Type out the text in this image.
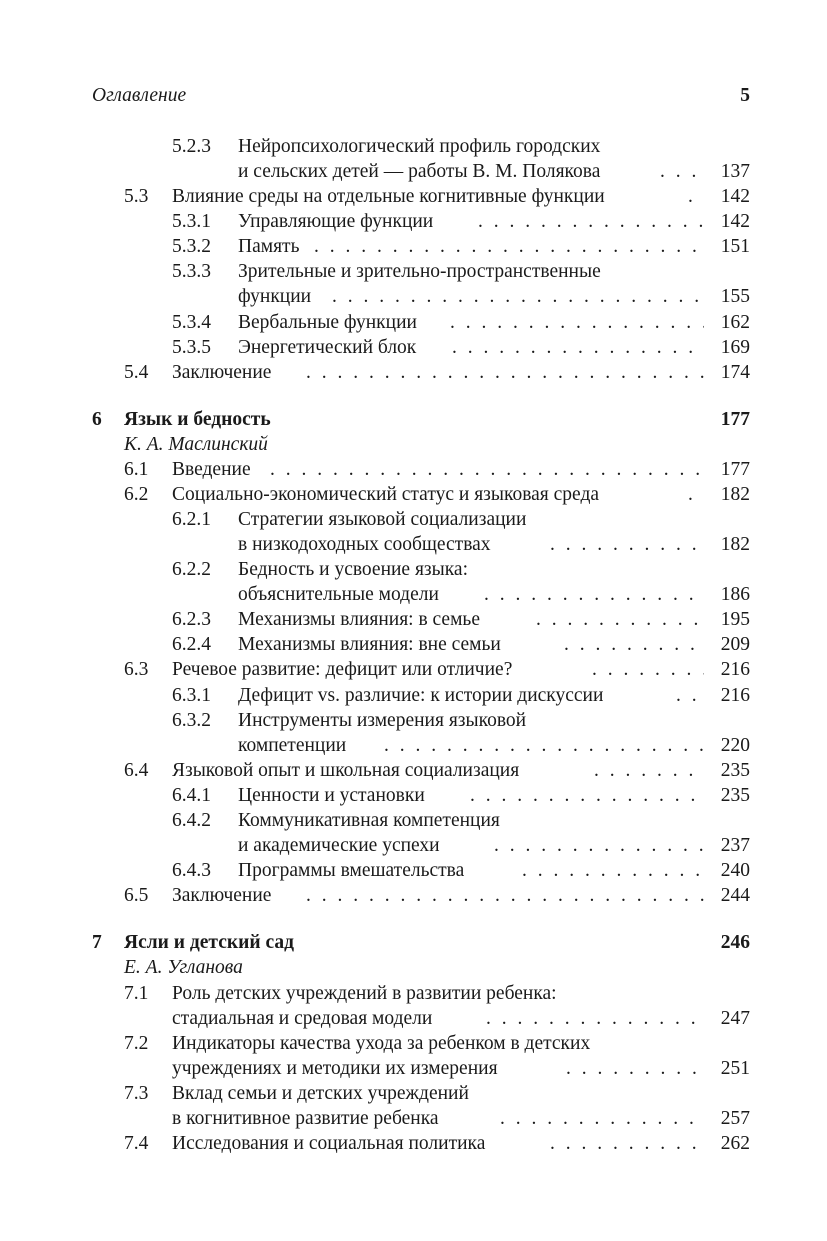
Оглавление	5
5.2.3 Нейропсихологический профиль городских
и сельских детей — работы В. М. Полякова . . .	137
5.3 Влияние среды на отдельные когнитивные функции . . .	142
5.3.1 Управляющие функции . . .	142
5.3.2 Память . . .	151
5.3.3 Зрительные и зрительно-пространственные
функции . . .	155
5.3.4 Вербальные функции . . .	162
5.3.5 Энергетический блок . . .	169
5.4 Заключение . . .	174
6 Язык и бедность	177
К. А. Маслинский
6.1 Введение . . .	177
6.2 Социально-экономический статус и языковая среда . . .	182
6.2.1 Стратегии языковой социализации
в низкодоходных сообществах . . .	182
6.2.2 Бедность и усвоение языка:
объяснительные модели . . .	186
6.2.3 Механизмы влияния: в семье . . .	195
6.2.4 Механизмы влияния: вне семьи . . .	209
6.3 Речевое развитие: дефицит или отличие? . . .	216
6.3.1 Дефицит vs. различие: к истории дискуссии . . .	216
6.3.2 Инструменты измерения языковой
компетенции . . .	220
6.4 Языковой опыт и школьная социализация . . .	235
6.4.1 Ценности и установки . . .	235
6.4.2 Коммуникативная компетенция
и академические успехи . . .	237
6.4.3 Программы вмешательства . . .	240
6.5 Заключение . . .	244
7 Ясли и детский сад	246
Е. А. Угланова
7.1 Роль детских учреждений в развитии ребенка:
стадиальная и средовая модели . . .	247
7.2 Индикаторы качества ухода за ребенком в детских
учреждениях и методики их измерения . . .	251
7.3 Вклад семьи и детских учреждений
в когнитивное развитие ребенка . . .	257
7.4 Исследования и социальная политика . . .	262
